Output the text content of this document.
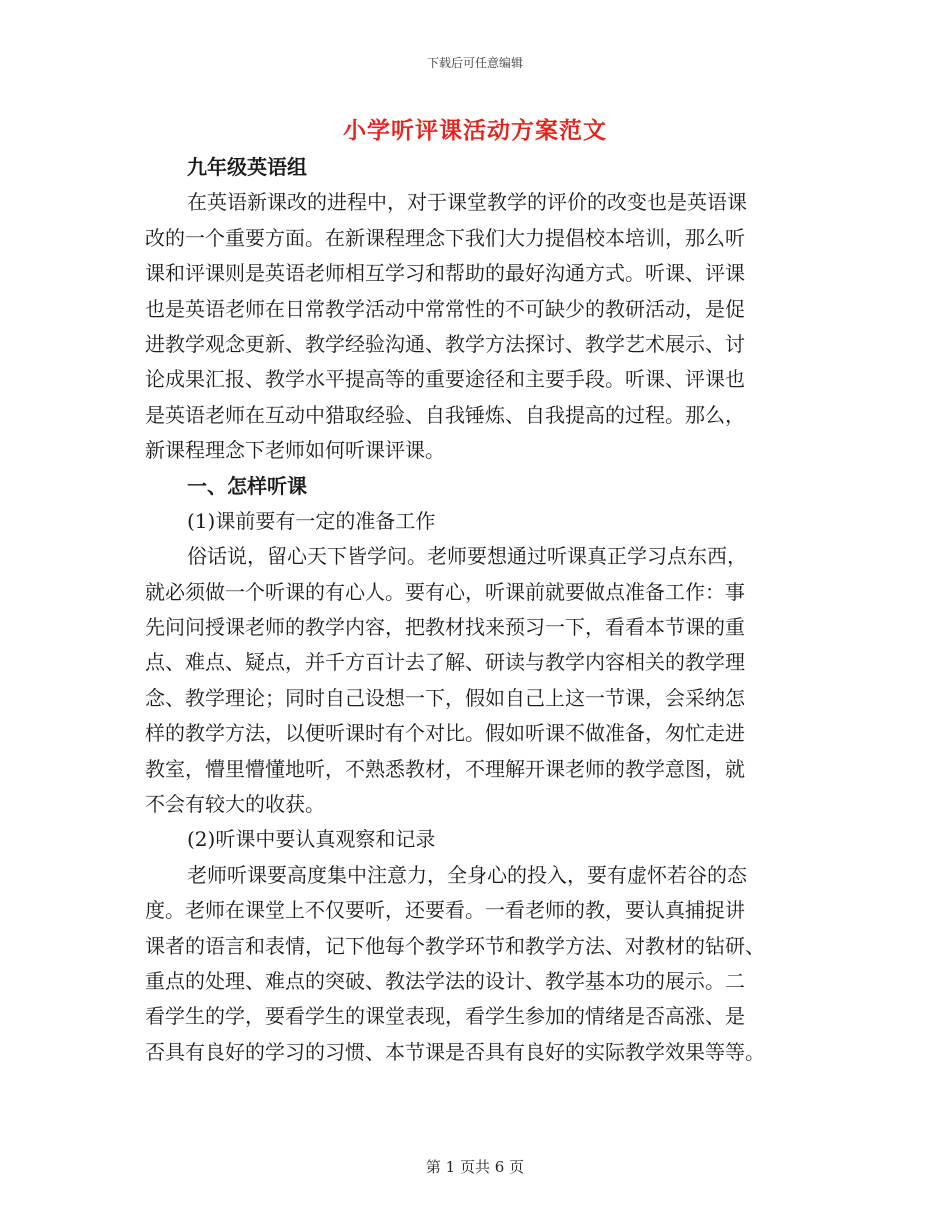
下载后可任意编辑
小学听评课活动方案范文
九年级英语组
在英语新课改的进程中，对于课堂教学的评价的改变也是英语课
改的一个重要方面。在新课程理念下我们大力提倡校本培训，那么听
课和评课则是英语老师相互学习和帮助的最好沟通方式。听课、评课
也是英语老师在日常教学活动中常常性的不可缺少的教研活动，是促
进教学观念更新、教学经验沟通、教学方法探讨、教学艺术展示、讨
论成果汇报、教学水平提高等的重要途径和主要手段。听课、评课也
是英语老师在互动中猎取经验、自我锤炼、自我提高的过程。那么，
新课程理念下老师如何听课评课。
一、怎样听课
(1)课前要有一定的准备工作
俗话说，留心天下皆学问。老师要想通过听课真正学习点东西，
就必须做一个听课的有心人。要有心，听课前就要做点准备工作：事
先问问授课老师的教学内容，把教材找来预习一下，看看本节课的重
点、难点、疑点，并千方百计去了解、研读与教学内容相关的教学理
念、教学理论；同时自己设想一下，假如自己上这一节课，会采纳怎
样的教学方法，以便听课时有个对比。假如听课不做准备，匆忙走进
教室，懵里懵懂地听，不熟悉教材，不理解开课老师的教学意图，就
不会有较大的收获。
(2)听课中要认真观察和记录
老师听课要高度集中注意力，全身心的投入，要有虚怀若谷的态
度。老师在课堂上不仅要听，还要看。一看老师的教，要认真捕捉讲
课者的语言和表情，记下他每个教学环节和教学方法、对教材的钻研、
重点的处理、难点的突破、教法学法的设计、教学基本功的展示。二
看学生的学，要看学生的课堂表现，看学生参加的情绪是否高涨、是
否具有良好的学习的习惯、本节课是否具有良好的实际教学效果等等。
第 1 页共 6 页
